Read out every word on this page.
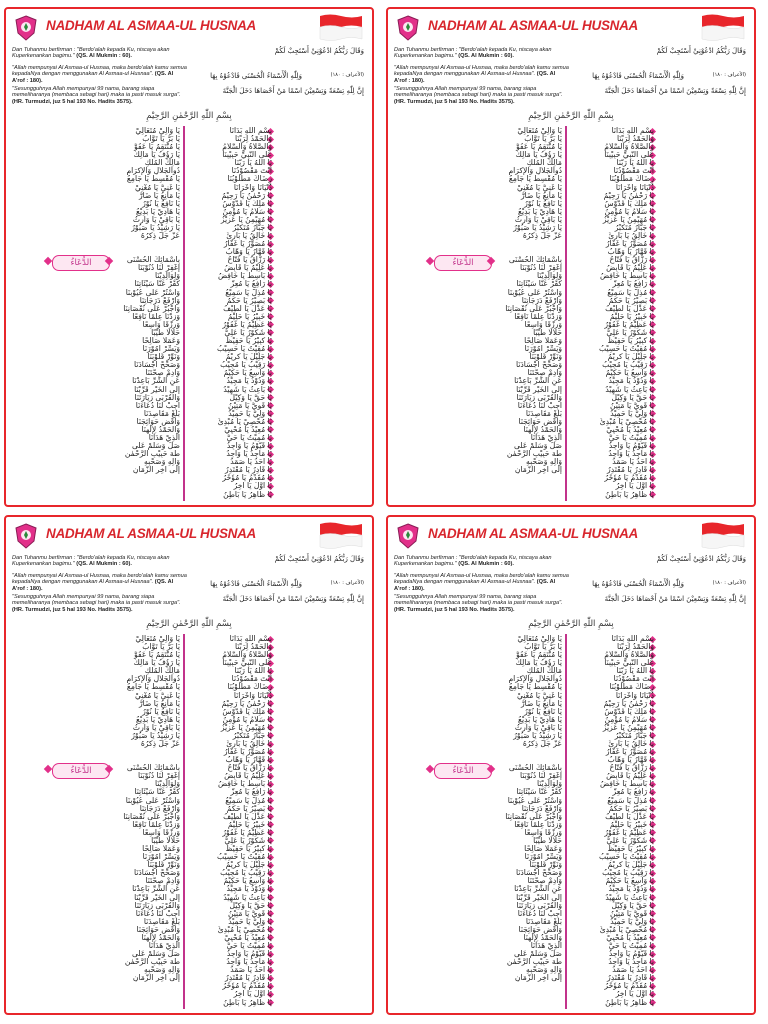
NADHAM AL ASMAA-UL HUSNAA
Dan Tuhanmu berfirman : "Berdo'alah kepada Ku, niscaya akan Kuperkenankan bagimu." (QS. Al Mukmin : 60).
وَقَالَ رَبُّكُمُ ادْعُوْنِيْ أَسْتَجِبْ لَكُمْ
"Allah mempunyai Al Asmaa-ul Husnaa, maka berdo'alah kamu semua kepadaNya dengan menggunakan Al Asmaa-ul Husnaa". (QS. Al A'rof : 180).
وَلِلّٰهِ الْأَسْمَاءُ الْحُسْنَى فَادْعُوْهُ بِهَا	(الأعراف : ١٨٠)
"Sesungguhnya Allah mempunyai 99 nama, barang siapa memeliharanya (membaca sebagi hari) maka ia pasti masuk surga". (HR. Turmudzi, juz 5 hal 193 No. Hadits 3575).
إِنَّ لِلّٰهِ تِسْعَةً وَتِسْعِيْنَ اسْمًا مَنْ أَحْصَاهَا دَخَلَ الْجَنَّةَ
بِسْمِ اللّٰهِ الرَّحْمٰنِ الرَّحِيْمِ
الدُّعَاءُ
بِسْمِ اللّٰهِ بَدَأْنَا
وَالْحَمْدُ لِرَبِّنَا
وَالصَّلَاةُ وَالسَّلَامُ
عَلَى النَّبِيِّ حَبِيْبِنَا
يَا اَللّٰهُ يَا رَبَّنَا
أَنْتَ مَقْصُوْدُنَا
رِضَاكَ مَطْلُوْبُنَا
دُنْيَانَا وَأُخْرَانَا
يَا رَحْمٰنُ يَا رَحِيْمُ
يَا مَلِكُ يَا قُدُّوْسُ
يَا سَلَامُ يَا مُؤْمِنُ
يَا مُهَيْمِنُ يَا عَزِيْزُ
يَا جَبَّارُ مُتَكَبِّرُ
يَا خَالِقُ يَا بَارِئُ
يَا مُصَوِّرُ يَا غَفَّارُ
يَا قَهَّارُ يَا وَهَّابُ
يَا رَزَّاقُ يَا فَتَّاحُ
يَا عَلِيْمُ يَا قَابِضُ
يَا بَاسِطُ يَا خَافِضُ
يَا رَافِعُ يَا مُعِزُّ
يَا مُذِلُّ يَا سَمِيْعُ
يَا بَصِيْرُ يَا حَكَمُ
يَا عَدْلُ يَا لَطِيْفُ
يَا خَبِيْرُ يَا حَلِيْمُ
يَا عَظِيْمُ يَا غَفُوْرُ
يَا شَكُوْرُ يَا عَلِيُّ
يَا كَبِيْرُ يَا حَفِيْظُ
يَا مُقِيْتُ يَا حَسِيْبُ
يَا جَلِيْلُ يَا كَرِيْمُ
يَا رَقِيْبُ يَا مُجِيْبُ
يَا وَاسِعُ يَا حَكِيْمُ
يَا وَدُوْدُ يَا مَجِيْدُ
يَا بَاعِثُ يَا شَهِيْدُ
يَا حَقُّ يَا وَكِيْلُ
يَا قَوِيُّ يَا مَتِيْنُ
يَا وَلِيُّ يَا حَمِيْدُ
يَا مُحْصِيْ يَا مُبْدِئُ
يَا مُعِيْدُ يَا مُحْيِيْ
يَا مُمِيْتُ يَا حَيُّ
يَا قَيُّوْمُ يَا وَاجِدُ
يَا مَاجِدُ يَا وَاحِدُ
يَا أَحَدُ يَا صَمَدُ
يَا قَادِرُ يَا مُقْتَدِرُ
يَا مُقَدِّمُ يَا مُؤَخِّرُ
يَا أَوَّلُ يَا آخِرُ
يَا ظَاهِرُ يَا بَاطِنُ
يَا وَالِيْ مُتَعَالِيْ
يَا بَرُّ يَا تَوَّابُ
يَا مُنْتَقِمُ يَا عَفُوُّ
يَا رَؤُفُ يَا مَالِكُ
مَالِكَ الْمُلْكِ
ذُوالْجَلَالِ وَالْإِكْرَامِ
يَا مُقْسِطُ يَا جَامِعُ
يَا غَنِيُّ يَا مُغْنِيْ
يَا مَانِعُ يَا ضَارُّ
يَا نَافِعُ يَا نُوْرُ
يَا هَادِيْ يَا بَدِيْعُ
يَا بَاقِيْ يَا وَارِثُ
يَا رَشِيْدُ يَا صَبُوْرُ
عَزَّ جَلَّ ذِكْرُهُ
بِأَسْمَائِكَ الْحُسْنَى
إِغْفِرْ لَنَا ذُنُوْبَنَا
وَلِوَالِدِيْنَا
كَفِّرْ عَنَّا سَيِّئَاتِنَا
وَاسْتُرْ عَلَى عُيُوْبِنَا
وَارْفَعْ دَرَجَاتِنَا
وَاجْبُرْ عَلَى نُقْصَانِنَا
وَزِدْنَا عِلْمًا نَافِعًا
وَرِزْقًا وَاسِعًا
حَلَالًا طَيِّبًا
وَعَمَلًا صَالِحًا
وَيَسِّرْ أُمُوْرَنَا
وَنَوِّرْ قُلُوْبَنَا
وَصَحِّحْ أَجْسَادَنَا
وَأَدِمْ صِحَّتَنَا
عَنِ الشَّرِّ بَاعِدْنَا
إِلَى الْخَيْرِ قَرِّبْنَا
وَالْقُرْبَى زِيَارَتَنَا
أَجِبْ لَنَا دُعَاءَنَا
بَلِّغْ مَقَاصِدَنَا
وَاقْضِ حَوَائِجَنَا
وَالْحَمْدُ لِإِلٰهِنَا
الَّذِيْ هَدَانَا
صَلِّ وَسَلِّمْ عَلَى
طٰهَ حَبِيْبِ الرَّحْمٰنِ
وَآلِهِ وَصَحْبِهِ
إِلَى آخِرِ الزَّمَانِ
NADHAM AL ASMAA-UL HUSNAA
Dan Tuhanmu berfirman : "Berdo'alah kepada Ku, niscaya akan Kuperkenankan bagimu." (QS. Al Mukmin : 60).
وَقَالَ رَبُّكُمُ ادْعُوْنِيْ أَسْتَجِبْ لَكُمْ
"Allah mempunyai Al Asmaa-ul Husnaa, maka berdo'alah kamu semua kepadaNya dengan menggunakan Al Asmaa-ul Husnaa". (QS. Al A'rof : 180).
وَلِلّٰهِ الْأَسْمَاءُ الْحُسْنَى فَادْعُوْهُ بِهَا	(الأعراف : ١٨٠)
"Sesungguhnya Allah mempunyai 99 nama, barang siapa memeliharanya (membaca sebagi hari) maka ia pasti masuk surga". (HR. Turmudzi, juz 5 hal 193 No. Hadits 3575).
إِنَّ لِلّٰهِ تِسْعَةً وَتِسْعِيْنَ اسْمًا مَنْ أَحْصَاهَا دَخَلَ الْجَنَّةَ
بِسْمِ اللّٰهِ الرَّحْمٰنِ الرَّحِيْمِ
الدُّعَاءُ
بِسْمِ اللّٰهِ بَدَأْنَا
وَالْحَمْدُ لِرَبِّنَا
وَالصَّلَاةُ وَالسَّلَامُ
عَلَى النَّبِيِّ حَبِيْبِنَا
يَا اَللّٰهُ يَا رَبَّنَا
أَنْتَ مَقْصُوْدُنَا
رِضَاكَ مَطْلُوْبُنَا
دُنْيَانَا وَأُخْرَانَا
يَا رَحْمٰنُ يَا رَحِيْمُ
يَا مَلِكُ يَا قُدُّوْسُ
يَا سَلَامُ يَا مُؤْمِنُ
يَا مُهَيْمِنُ يَا عَزِيْزُ
يَا جَبَّارُ مُتَكَبِّرُ
يَا خَالِقُ يَا بَارِئُ
يَا مُصَوِّرُ يَا غَفَّارُ
يَا قَهَّارُ يَا وَهَّابُ
يَا رَزَّاقُ يَا فَتَّاحُ
يَا عَلِيْمُ يَا قَابِضُ
يَا بَاسِطُ يَا خَافِضُ
يَا رَافِعُ يَا مُعِزُّ
يَا مُذِلُّ يَا سَمِيْعُ
يَا بَصِيْرُ يَا حَكَمُ
يَا عَدْلُ يَا لَطِيْفُ
يَا خَبِيْرُ يَا حَلِيْمُ
يَا عَظِيْمُ يَا غَفُوْرُ
يَا شَكُوْرُ يَا عَلِيُّ
يَا كَبِيْرُ يَا حَفِيْظُ
يَا مُقِيْتُ يَا حَسِيْبُ
يَا جَلِيْلُ يَا كَرِيْمُ
يَا رَقِيْبُ يَا مُجِيْبُ
يَا وَاسِعُ يَا حَكِيْمُ
يَا وَدُوْدُ يَا مَجِيْدُ
يَا بَاعِثُ يَا شَهِيْدُ
يَا حَقُّ يَا وَكِيْلُ
يَا قَوِيُّ يَا مَتِيْنُ
يَا وَلِيُّ يَا حَمِيْدُ
يَا مُحْصِيْ يَا مُبْدِئُ
يَا مُعِيْدُ يَا مُحْيِيْ
يَا مُمِيْتُ يَا حَيُّ
يَا قَيُّوْمُ يَا وَاجِدُ
يَا مَاجِدُ يَا وَاحِدُ
يَا أَحَدُ يَا صَمَدُ
يَا قَادِرُ يَا مُقْتَدِرُ
يَا مُقَدِّمُ يَا مُؤَخِّرُ
يَا أَوَّلُ يَا آخِرُ
يَا ظَاهِرُ يَا بَاطِنُ
يَا وَالِيْ مُتَعَالِيْ
يَا بَرُّ يَا تَوَّابُ
يَا مُنْتَقِمُ يَا عَفُوُّ
يَا رَؤُفُ يَا مَالِكُ
مَالِكَ الْمُلْكِ
ذُوالْجَلَالِ وَالْإِكْرَامِ
يَا مُقْسِطُ يَا جَامِعُ
يَا غَنِيُّ يَا مُغْنِيْ
يَا مَانِعُ يَا ضَارُّ
يَا نَافِعُ يَا نُوْرُ
يَا هَادِيْ يَا بَدِيْعُ
يَا بَاقِيْ يَا وَارِثُ
يَا رَشِيْدُ يَا صَبُوْرُ
عَزَّ جَلَّ ذِكْرُهُ
بِأَسْمَائِكَ الْحُسْنَى
إِغْفِرْ لَنَا ذُنُوْبَنَا
وَلِوَالِدِيْنَا
كَفِّرْ عَنَّا سَيِّئَاتِنَا
وَاسْتُرْ عَلَى عُيُوْبِنَا
وَارْفَعْ دَرَجَاتِنَا
وَاجْبُرْ عَلَى نُقْصَانِنَا
وَزِدْنَا عِلْمًا نَافِعًا
وَرِزْقًا وَاسِعًا
حَلَالًا طَيِّبًا
وَعَمَلًا صَالِحًا
وَيَسِّرْ أُمُوْرَنَا
وَنَوِّرْ قُلُوْبَنَا
وَصَحِّحْ أَجْسَادَنَا
وَأَدِمْ صِحَّتَنَا
عَنِ الشَّرِّ بَاعِدْنَا
إِلَى الْخَيْرِ قَرِّبْنَا
وَالْقُرْبَى زِيَارَتَنَا
أَجِبْ لَنَا دُعَاءَنَا
بَلِّغْ مَقَاصِدَنَا
وَاقْضِ حَوَائِجَنَا
وَالْحَمْدُ لِإِلٰهِنَا
الَّذِيْ هَدَانَا
صَلِّ وَسَلِّمْ عَلَى
طٰهَ حَبِيْبِ الرَّحْمٰنِ
وَآلِهِ وَصَحْبِهِ
إِلَى آخِرِ الزَّمَانِ
NADHAM AL ASMAA-UL HUSNAA
Dan Tuhanmu berfirman : "Berdo'alah kepada Ku, niscaya akan Kuperkenankan bagimu." (QS. Al Mukmin : 60).
وَقَالَ رَبُّكُمُ ادْعُوْنِيْ أَسْتَجِبْ لَكُمْ
"Allah mempunyai Al Asmaa-ul Husnaa, maka berdo'alah kamu semua kepadaNya dengan menggunakan Al Asmaa-ul Husnaa". (QS. Al A'rof : 180).
وَلِلّٰهِ الْأَسْمَاءُ الْحُسْنَى فَادْعُوْهُ بِهَا	(الأعراف : ١٨٠)
"Sesungguhnya Allah mempunyai 99 nama, barang siapa memeliharanya (membaca sebagi hari) maka ia pasti masuk surga". (HR. Turmudzi, juz 5 hal 193 No. Hadits 3575).
إِنَّ لِلّٰهِ تِسْعَةً وَتِسْعِيْنَ اسْمًا مَنْ أَحْصَاهَا دَخَلَ الْجَنَّةَ
بِسْمِ اللّٰهِ الرَّحْمٰنِ الرَّحِيْمِ
الدُّعَاءُ
بِسْمِ اللّٰهِ بَدَأْنَا
وَالْحَمْدُ لِرَبِّنَا
وَالصَّلَاةُ وَالسَّلَامُ
عَلَى النَّبِيِّ حَبِيْبِنَا
يَا اَللّٰهُ يَا رَبَّنَا
أَنْتَ مَقْصُوْدُنَا
رِضَاكَ مَطْلُوْبُنَا
دُنْيَانَا وَأُخْرَانَا
يَا رَحْمٰنُ يَا رَحِيْمُ
يَا مَلِكُ يَا قُدُّوْسُ
يَا سَلَامُ يَا مُؤْمِنُ
يَا مُهَيْمِنُ يَا عَزِيْزُ
يَا جَبَّارُ مُتَكَبِّرُ
يَا خَالِقُ يَا بَارِئُ
يَا مُصَوِّرُ يَا غَفَّارُ
يَا قَهَّارُ يَا وَهَّابُ
يَا رَزَّاقُ يَا فَتَّاحُ
يَا عَلِيْمُ يَا قَابِضُ
يَا بَاسِطُ يَا خَافِضُ
يَا رَافِعُ يَا مُعِزُّ
يَا مُذِلُّ يَا سَمِيْعُ
يَا بَصِيْرُ يَا حَكَمُ
يَا عَدْلُ يَا لَطِيْفُ
يَا خَبِيْرُ يَا حَلِيْمُ
يَا عَظِيْمُ يَا غَفُوْرُ
يَا شَكُوْرُ يَا عَلِيُّ
يَا كَبِيْرُ يَا حَفِيْظُ
يَا مُقِيْتُ يَا حَسِيْبُ
يَا جَلِيْلُ يَا كَرِيْمُ
يَا رَقِيْبُ يَا مُجِيْبُ
يَا وَاسِعُ يَا حَكِيْمُ
يَا وَدُوْدُ يَا مَجِيْدُ
يَا بَاعِثُ يَا شَهِيْدُ
يَا حَقُّ يَا وَكِيْلُ
يَا قَوِيُّ يَا مَتِيْنُ
يَا وَلِيُّ يَا حَمِيْدُ
يَا مُحْصِيْ يَا مُبْدِئُ
يَا مُعِيْدُ يَا مُحْيِيْ
يَا مُمِيْتُ يَا حَيُّ
يَا قَيُّوْمُ يَا وَاجِدُ
يَا مَاجِدُ يَا وَاحِدُ
يَا أَحَدُ يَا صَمَدُ
يَا قَادِرُ يَا مُقْتَدِرُ
يَا مُقَدِّمُ يَا مُؤَخِّرُ
يَا أَوَّلُ يَا آخِرُ
يَا ظَاهِرُ يَا بَاطِنُ
يَا وَالِيْ مُتَعَالِيْ
يَا بَرُّ يَا تَوَّابُ
يَا مُنْتَقِمُ يَا عَفُوُّ
يَا رَؤُفُ يَا مَالِكُ
مَالِكَ الْمُلْكِ
ذُوالْجَلَالِ وَالْإِكْرَامِ
يَا مُقْسِطُ يَا جَامِعُ
يَا غَنِيُّ يَا مُغْنِيْ
يَا مَانِعُ يَا ضَارُّ
يَا نَافِعُ يَا نُوْرُ
يَا هَادِيْ يَا بَدِيْعُ
يَا بَاقِيْ يَا وَارِثُ
يَا رَشِيْدُ يَا صَبُوْرُ
عَزَّ جَلَّ ذِكْرُهُ
بِأَسْمَائِكَ الْحُسْنَى
إِغْفِرْ لَنَا ذُنُوْبَنَا
وَلِوَالِدِيْنَا
كَفِّرْ عَنَّا سَيِّئَاتِنَا
وَاسْتُرْ عَلَى عُيُوْبِنَا
وَارْفَعْ دَرَجَاتِنَا
وَاجْبُرْ عَلَى نُقْصَانِنَا
وَزِدْنَا عِلْمًا نَافِعًا
وَرِزْقًا وَاسِعًا
حَلَالًا طَيِّبًا
وَعَمَلًا صَالِحًا
وَيَسِّرْ أُمُوْرَنَا
وَنَوِّرْ قُلُوْبَنَا
وَصَحِّحْ أَجْسَادَنَا
وَأَدِمْ صِحَّتَنَا
عَنِ الشَّرِّ بَاعِدْنَا
إِلَى الْخَيْرِ قَرِّبْنَا
وَالْقُرْبَى زِيَارَتَنَا
أَجِبْ لَنَا دُعَاءَنَا
بَلِّغْ مَقَاصِدَنَا
وَاقْضِ حَوَائِجَنَا
وَالْحَمْدُ لِإِلٰهِنَا
الَّذِيْ هَدَانَا
صَلِّ وَسَلِّمْ عَلَى
طٰهَ حَبِيْبِ الرَّحْمٰنِ
وَآلِهِ وَصَحْبِهِ
إِلَى آخِرِ الزَّمَانِ
NADHAM AL ASMAA-UL HUSNAA
Dan Tuhanmu berfirman : "Berdo'alah kepada Ku, niscaya akan Kuperkenankan bagimu." (QS. Al Mukmin : 60).
وَقَالَ رَبُّكُمُ ادْعُوْنِيْ أَسْتَجِبْ لَكُمْ
"Allah mempunyai Al Asmaa-ul Husnaa, maka berdo'alah kamu semua kepadaNya dengan menggunakan Al Asmaa-ul Husnaa". (QS. Al A'rof : 180).
وَلِلّٰهِ الْأَسْمَاءُ الْحُسْنَى فَادْعُوْهُ بِهَا	(الأعراف : ١٨٠)
"Sesungguhnya Allah mempunyai 99 nama, barang siapa memeliharanya (membaca sebagi hari) maka ia pasti masuk surga". (HR. Turmudzi, juz 5 hal 193 No. Hadits 3575).
إِنَّ لِلّٰهِ تِسْعَةً وَتِسْعِيْنَ اسْمًا مَنْ أَحْصَاهَا دَخَلَ الْجَنَّةَ
بِسْمِ اللّٰهِ الرَّحْمٰنِ الرَّحِيْمِ
الدُّعَاءُ
بِسْمِ اللّٰهِ بَدَأْنَا
وَالْحَمْدُ لِرَبِّنَا
وَالصَّلَاةُ وَالسَّلَامُ
عَلَى النَّبِيِّ حَبِيْبِنَا
يَا اَللّٰهُ يَا رَبَّنَا
أَنْتَ مَقْصُوْدُنَا
رِضَاكَ مَطْلُوْبُنَا
دُنْيَانَا وَأُخْرَانَا
يَا رَحْمٰنُ يَا رَحِيْمُ
يَا مَلِكُ يَا قُدُّوْسُ
يَا سَلَامُ يَا مُؤْمِنُ
يَا مُهَيْمِنُ يَا عَزِيْزُ
يَا جَبَّارُ مُتَكَبِّرُ
يَا خَالِقُ يَا بَارِئُ
يَا مُصَوِّرُ يَا غَفَّارُ
يَا قَهَّارُ يَا وَهَّابُ
يَا رَزَّاقُ يَا فَتَّاحُ
يَا عَلِيْمُ يَا قَابِضُ
يَا بَاسِطُ يَا خَافِضُ
يَا رَافِعُ يَا مُعِزُّ
يَا مُذِلُّ يَا سَمِيْعُ
يَا بَصِيْرُ يَا حَكَمُ
يَا عَدْلُ يَا لَطِيْفُ
يَا خَبِيْرُ يَا حَلِيْمُ
يَا عَظِيْمُ يَا غَفُوْرُ
يَا شَكُوْرُ يَا عَلِيُّ
يَا كَبِيْرُ يَا حَفِيْظُ
يَا مُقِيْتُ يَا حَسِيْبُ
يَا جَلِيْلُ يَا كَرِيْمُ
يَا رَقِيْبُ يَا مُجِيْبُ
يَا وَاسِعُ يَا حَكِيْمُ
يَا وَدُوْدُ يَا مَجِيْدُ
يَا بَاعِثُ يَا شَهِيْدُ
يَا حَقُّ يَا وَكِيْلُ
يَا قَوِيُّ يَا مَتِيْنُ
يَا وَلِيُّ يَا حَمِيْدُ
يَا مُحْصِيْ يَا مُبْدِئُ
يَا مُعِيْدُ يَا مُحْيِيْ
يَا مُمِيْتُ يَا حَيُّ
يَا قَيُّوْمُ يَا وَاجِدُ
يَا مَاجِدُ يَا وَاحِدُ
يَا أَحَدُ يَا صَمَدُ
يَا قَادِرُ يَا مُقْتَدِرُ
يَا مُقَدِّمُ يَا مُؤَخِّرُ
يَا أَوَّلُ يَا آخِرُ
يَا ظَاهِرُ يَا بَاطِنُ
يَا وَالِيْ مُتَعَالِيْ
يَا بَرُّ يَا تَوَّابُ
يَا مُنْتَقِمُ يَا عَفُوُّ
يَا رَؤُفُ يَا مَالِكُ
مَالِكَ الْمُلْكِ
ذُوالْجَلَالِ وَالْإِكْرَامِ
يَا مُقْسِطُ يَا جَامِعُ
يَا غَنِيُّ يَا مُغْنِيْ
يَا مَانِعُ يَا ضَارُّ
يَا نَافِعُ يَا نُوْرُ
يَا هَادِيْ يَا بَدِيْعُ
يَا بَاقِيْ يَا وَارِثُ
يَا رَشِيْدُ يَا صَبُوْرُ
عَزَّ جَلَّ ذِكْرُهُ
بِأَسْمَائِكَ الْحُسْنَى
إِغْفِرْ لَنَا ذُنُوْبَنَا
وَلِوَالِدِيْنَا
كَفِّرْ عَنَّا سَيِّئَاتِنَا
وَاسْتُرْ عَلَى عُيُوْبِنَا
وَارْفَعْ دَرَجَاتِنَا
وَاجْبُرْ عَلَى نُقْصَانِنَا
وَزِدْنَا عِلْمًا نَافِعًا
وَرِزْقًا وَاسِعًا
حَلَالًا طَيِّبًا
وَعَمَلًا صَالِحًا
وَيَسِّرْ أُمُوْرَنَا
وَنَوِّرْ قُلُوْبَنَا
وَصَحِّحْ أَجْسَادَنَا
وَأَدِمْ صِحَّتَنَا
عَنِ الشَّرِّ بَاعِدْنَا
إِلَى الْخَيْرِ قَرِّبْنَا
وَالْقُرْبَى زِيَارَتَنَا
أَجِبْ لَنَا دُعَاءَنَا
بَلِّغْ مَقَاصِدَنَا
وَاقْضِ حَوَائِجَنَا
وَالْحَمْدُ لِإِلٰهِنَا
الَّذِيْ هَدَانَا
صَلِّ وَسَلِّمْ عَلَى
طٰهَ حَبِيْبِ الرَّحْمٰنِ
وَآلِهِ وَصَحْبِهِ
إِلَى آخِرِ الزَّمَانِ
